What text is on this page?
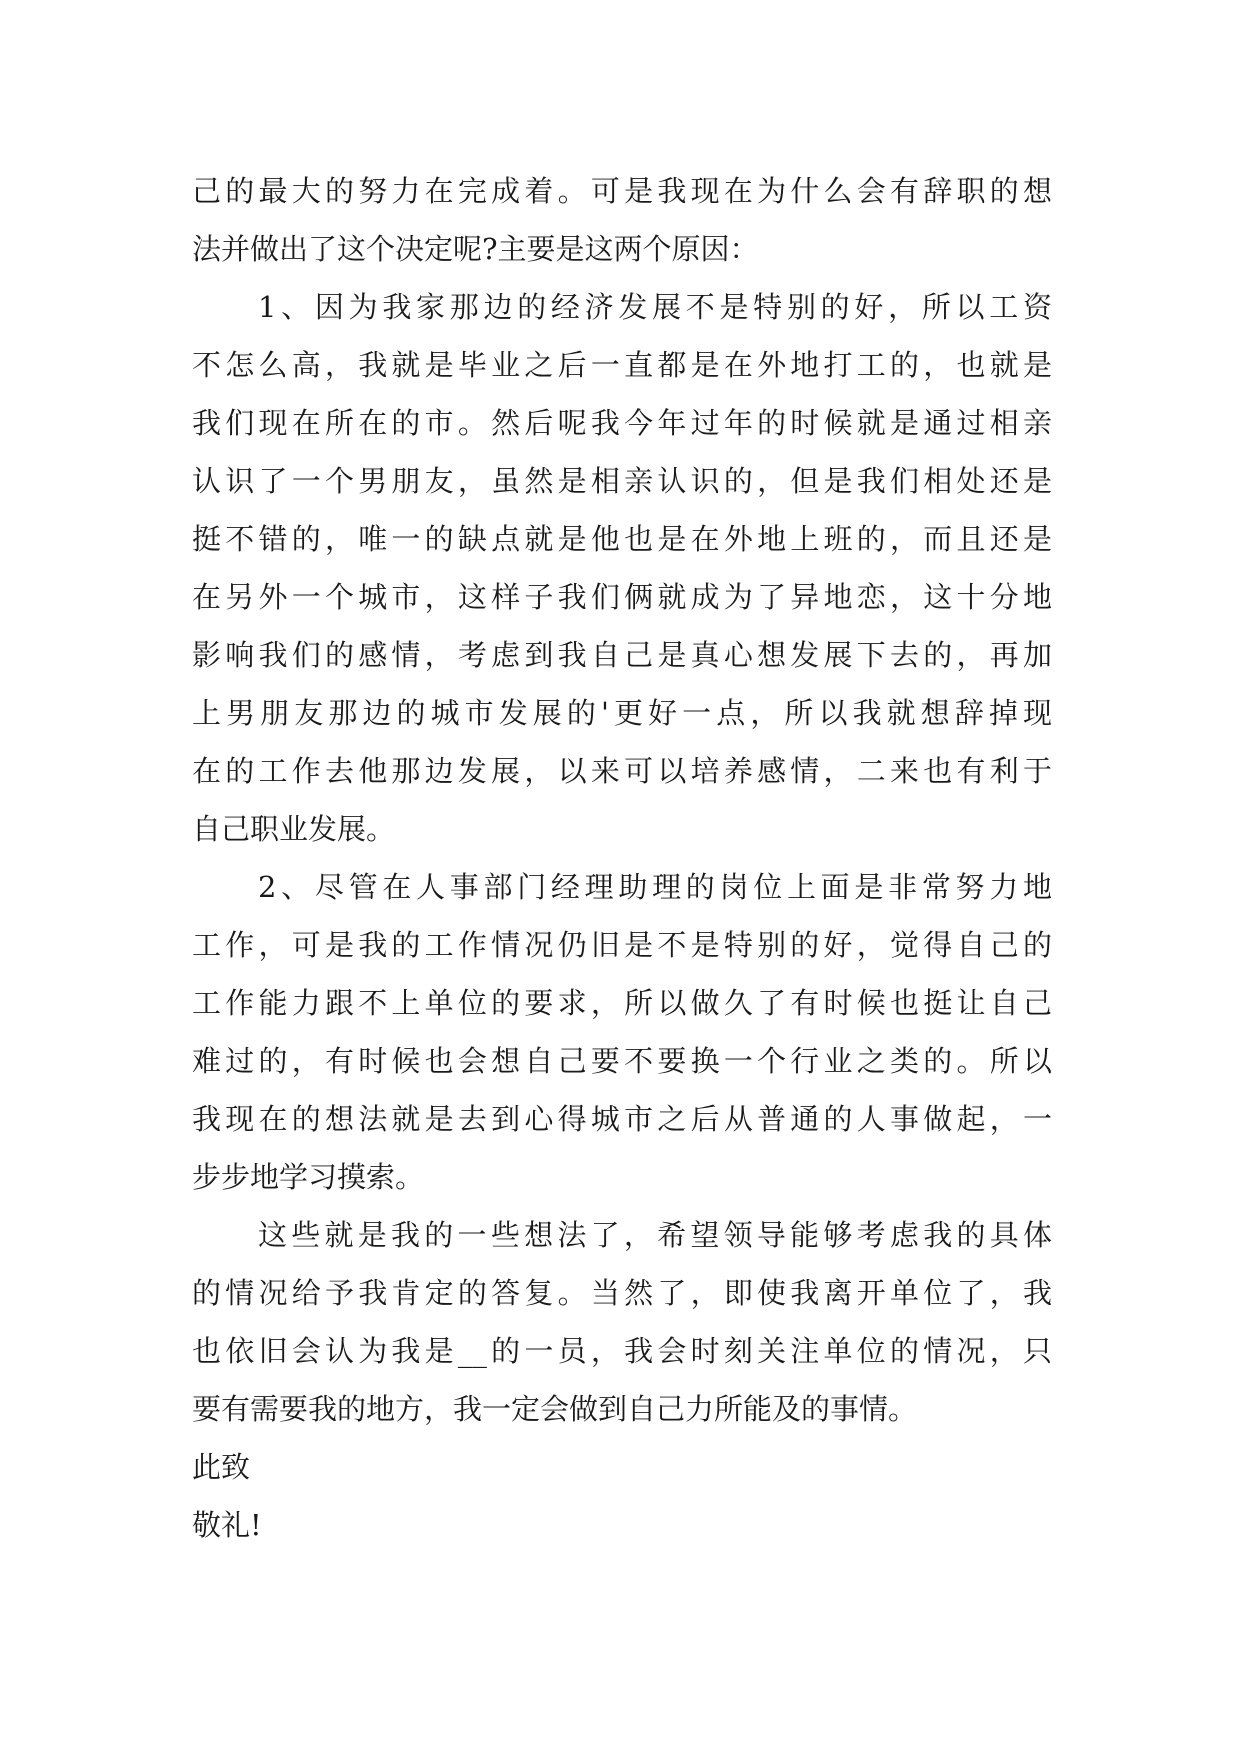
己的最大的努力在完成着。可是我现在为什么会有辞职的想
法并做出了这个决定呢?主要是这两个原因：
1、因为我家那边的经济发展不是特别的好，所以工资
不怎么高，我就是毕业之后一直都是在外地打工的，也就是
我们现在所在的市。然后呢我今年过年的时候就是通过相亲
认识了一个男朋友，虽然是相亲认识的，但是我们相处还是
挺不错的，唯一的缺点就是他也是在外地上班的，而且还是
在另外一个城市，这样子我们俩就成为了异地恋，这十分地
影响我们的感情，考虑到我自己是真心想发展下去的，再加
上男朋友那边的城市发展的'更好一点，所以我就想辞掉现
在的工作去他那边发展，以来可以培养感情，二来也有利于
自己职业发展。
2、尽管在人事部门经理助理的岗位上面是非常努力地
工作，可是我的工作情况仍旧是不是特别的好，觉得自己的
工作能力跟不上单位的要求，所以做久了有时候也挺让自己
难过的，有时候也会想自己要不要换一个行业之类的。所以
我现在的想法就是去到心得城市之后从普通的人事做起，一
步步地学习摸索。
这些就是我的一些想法了，希望领导能够考虑我的具体
的情况给予我肯定的答复。当然了，即使我离开单位了，我
也依旧会认为我是__的一员，我会时刻关注单位的情况，只
要有需要我的地方，我一定会做到自己力所能及的事情。
此致
敬礼!
